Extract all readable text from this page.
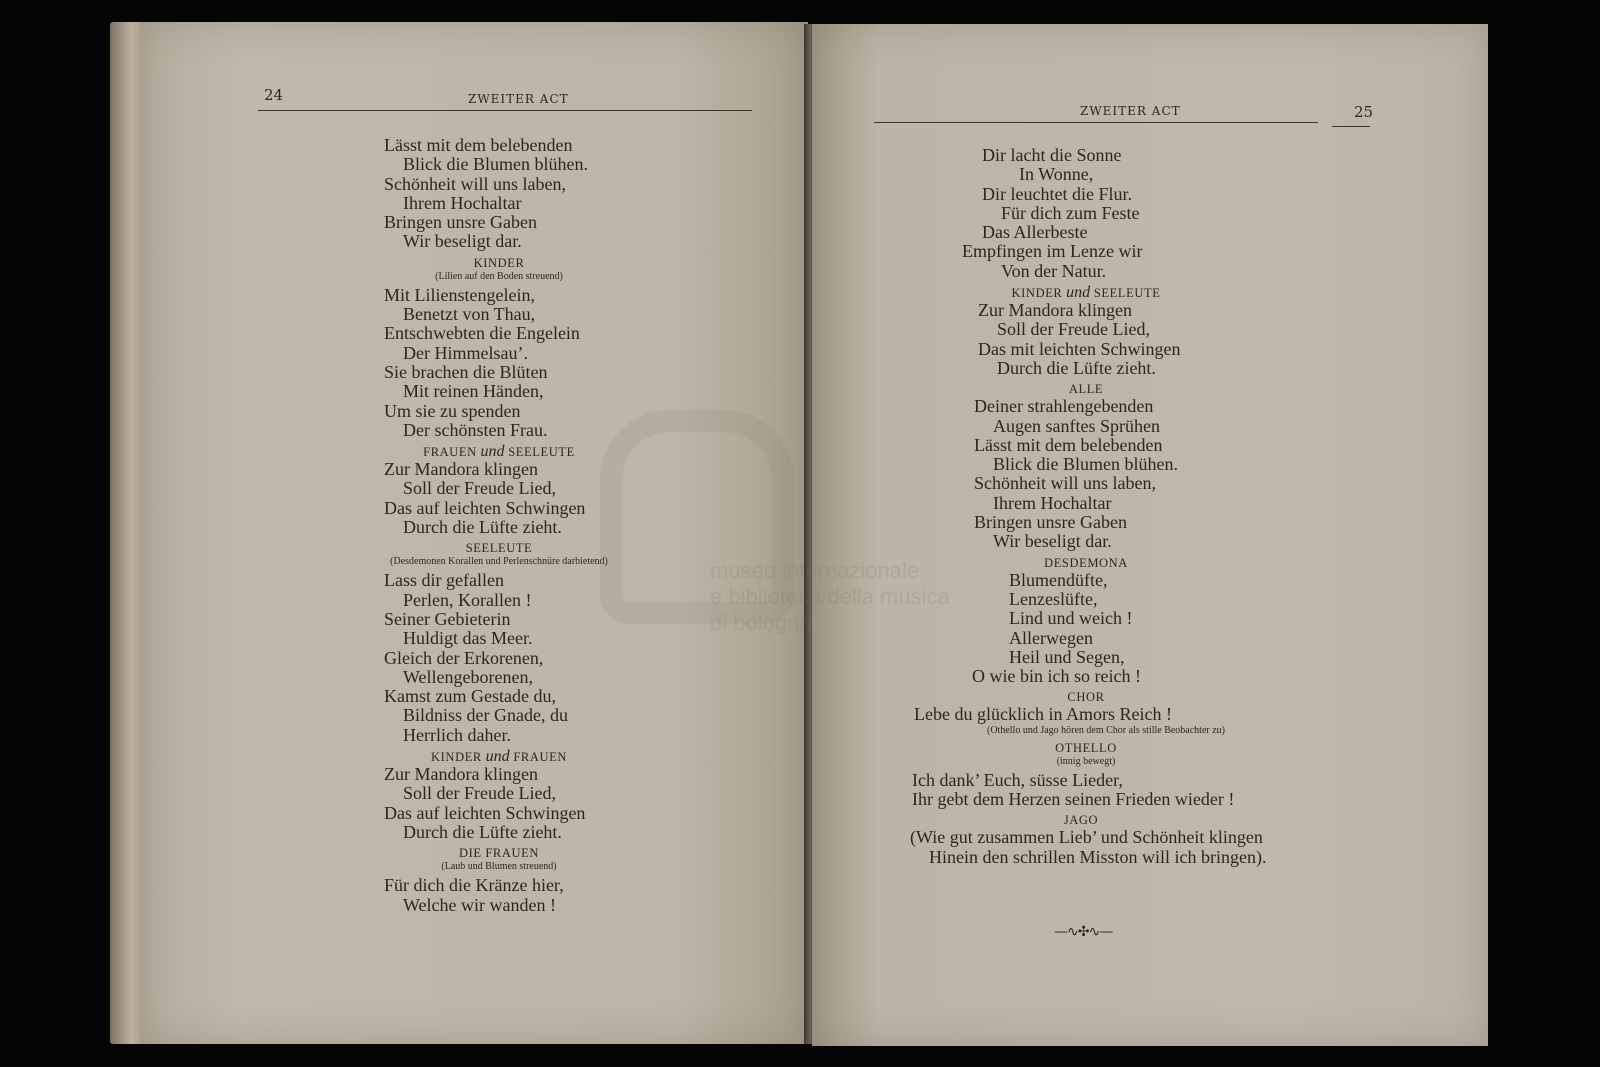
24	ZWEITER ACT
Lässt mit dem belebenden
Blick die Blumen blühen.
Schönheit will uns laben,
Ihrem Hochaltar
Bringen unsre Gaben
Wir beseligt dar.
KINDER
(Lilien auf den Boden streuend)
Mit Lilienstengelein,
Benetzt von Thau,
Entschwebten die Engelein
Der Himmelsau’.
Sie brachen die Blüten
Mit reinen Händen,
Um sie zu spenden
Der schönsten Frau.
FRAUEN und SEELEUTE
Zur Mandora klingen
Soll der Freude Lied,
Das auf leichten Schwingen
Durch die Lüfte zieht.
SEELEUTE
(Desdemonen Korallen und Perlenschnüre darbietend)
Lass dir gefallen
Perlen, Korallen !
Seiner Gebieterin
Huldigt das Meer.
Gleich der Erkorenen,
Wellengeborenen,
Kamst zum Gestade du,
Bildniss der Gnade, du
Herrlich daher.
KINDER und FRAUEN
Zur Mandora klingen
Soll der Freude Lied,
Das auf leichten Schwingen
Durch die Lüfte zieht.
DIE FRAUEN
(Laub und Blumen streuend)
Für dich die Kränze hier,
Welche wir wanden !
ZWEITER ACT	25
Dir lacht die Sonne
In Wonne,
Dir leuchtet die Flur.
Für dich zum Feste
Das Allerbeste
Empfingen im Lenze wir
Von der Natur.
KINDER und SEELEUTE
Zur Mandora klingen
Soll der Freude Lied,
Das mit leichten Schwingen
Durch die Lüfte zieht.
ALLE
Deiner strahlengebenden
Augen sanftes Sprühen
Lässt mit dem belebenden
Blick die Blumen blühen.
Schönheit will uns laben,
Ihrem Hochaltar
Bringen unsre Gaben
Wir beseligt dar.
DESDEMONA
Blumendüfte,
Lenzeslüfte,
Lind und weich !
Allerwegen
Heil und Segen,
O wie bin ich so reich !
CHOR
Lebe du glücklich in Amors Reich !
(Othello und Jago hören dem Chor als stille Beobachter zu)
OTHELLO
(innig bewegt)
Ich dank’ Euch, süsse Lieder,
Ihr gebt dem Herzen seinen Frieden wieder !
JAGO
(Wie gut zusammen Lieb’ und Schönheit klingen
Hinein den schrillen Misston will ich bringen).
—∿✣∿—
museo internazionale
e biblioteca della musica
di bologna
